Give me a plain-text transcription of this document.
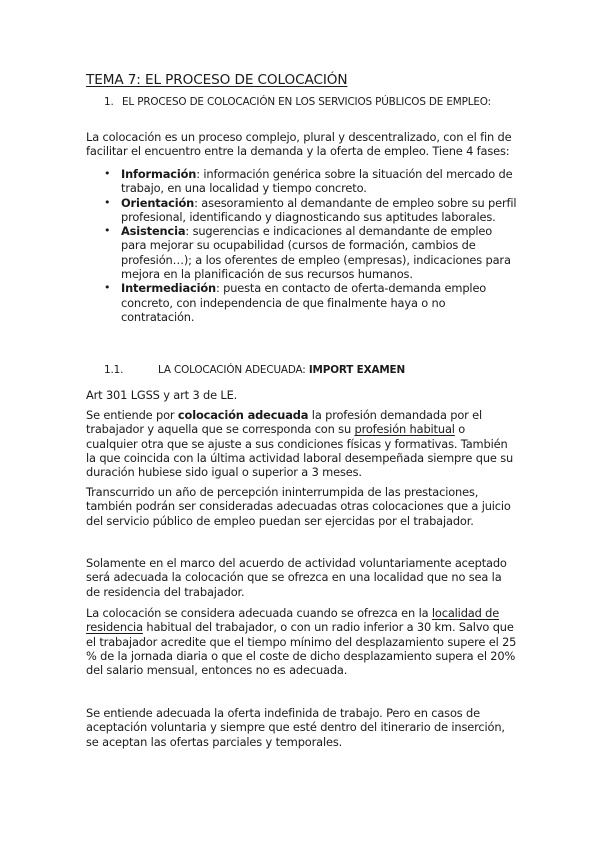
TEMA 7: EL PROCESO DE COLOCACIÓN
1. EL PROCESO DE COLOCACIÓN EN LOS SERVICIOS PÚBLICOS DE EMPLEO:

La colocación es un proceso complejo, plural y descentralizado, con el fin de facilitar el encuentro entre la demanda y la oferta de empleo. Tiene 4 fases:

• Información: información genérica sobre la situación del mercado de trabajo, en una localidad y tiempo concreto.
• Orientación: asesoramiento al demandante de empleo sobre su perfil profesional, identificando y diagnosticando sus aptitudes laborales.
• Asistencia: sugerencias e indicaciones al demandante de empleo para mejorar su ocupabilidad (cursos de formación, cambios de profesión…); a los oferentes de empleo (empresas), indicaciones para mejora en la planificación de sus recursos humanos.
• Intermediación: puesta en contacto de oferta-demanda empleo concreto, con independencia de que finalmente haya o no contratación.
1.1.	LA COLOCACIÓN ADECUADA: IMPORT EXAMEN

Art 301 LGSS y art 3 de LE.

Se entiende por colocación adecuada la profesión demandada por el trabajador y aquella que se corresponda con su profesión habitual o cualquier otra que se ajuste a sus condiciones físicas y formativas. También la que coincida con la última actividad laboral desempeñada siempre que su duración hubiese sido igual o superior a 3 meses.

Transcurrido un año de percepción ininterrumpida de las prestaciones, también podrán ser consideradas adecuadas otras colocaciones que a juicio del servicio público de empleo puedan ser ejercidas por el trabajador.

Solamente en el marco del acuerdo de actividad voluntariamente aceptado será adecuada la colocación que se ofrezca en una localidad que no sea la de residencia del trabajador.

La colocación se considera adecuada cuando se ofrezca en la localidad de residencia habitual del trabajador, o con un radio inferior a 30 km. Salvo que el trabajador acredite que el tiempo mínimo del desplazamiento supere el 25 % de la jornada diaria o que el coste de dicho desplazamiento supera el 20% del salario mensual, entonces no es adecuada.

Se entiende adecuada la oferta indefinida de trabajo. Pero en casos de aceptación voluntaria y siempre que esté dentro del itinerario de inserción, se aceptan las ofertas parciales y temporales.
